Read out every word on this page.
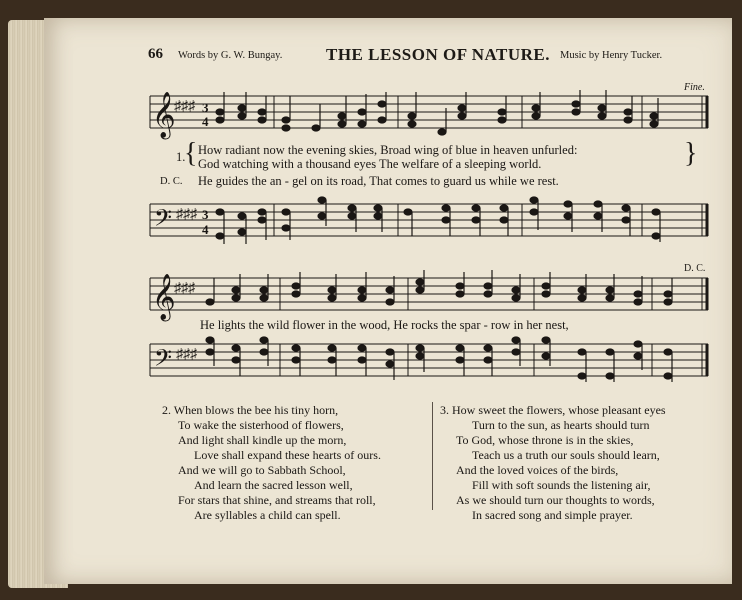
66 Words by G. W. Bungay.	THE LESSON OF NATURE. Music by Henry Tucker.
Fine.
D. C.
𝄞
♯♯♯ 3
4
{
1. How radiant now the evening skies, Broad wing of blue in heaven unfurled:
God watching with a thousand eyes The welfare of a sleeping world.	}
D. C. He guides the an - gel on its road, That comes to guard us while we rest.
𝄢 ♯♯♯ 3
4
𝄞
♯♯♯
He lights the wild flower in the wood, He rocks the spar - row in her nest,
𝄢 ♯♯♯
2. When blows the bee his tiny horn,
To wake the sisterhood of flowers,
And light shall kindle up the morn,
Love shall expand these hearts of ours.
And we will go to Sabbath School,
And learn the sacred lesson well,
For stars that shine, and streams that roll,
Are syllables a child can spell.
3. How sweet the flowers, whose pleasant eyes
Turn to the sun, as hearts should turn
To God, whose throne is in the skies,
Teach us a truth our souls should learn,
And the loved voices of the birds,
Fill with soft sounds the listening air,
As we should turn our thoughts to words,
In sacred song and simple prayer.
